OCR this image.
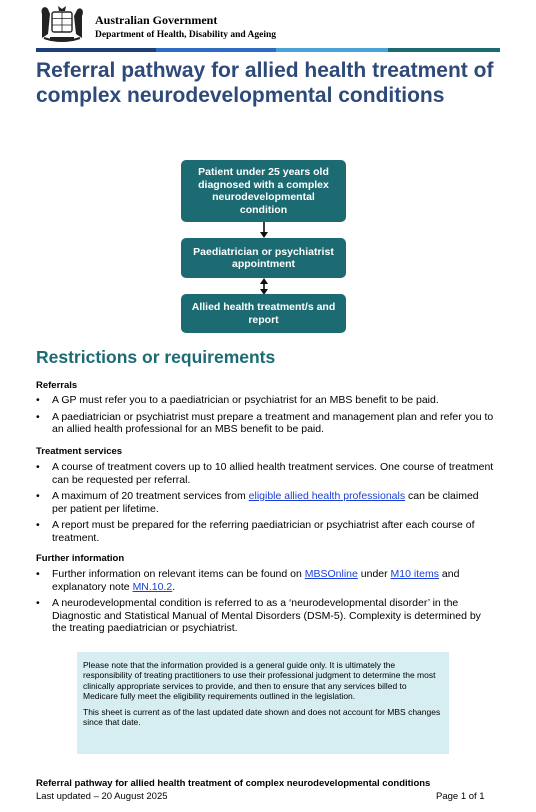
Australian Government
Department of Health, Disability and Ageing
Referral pathway for allied health treatment of complex neurodevelopmental conditions
Patient under 25 years old diagnosed with a complex neurodevelopmental condition
Paediatrician or psychiatrist appointment
Allied health treatment/s and report
Restrictions or requirements
Referrals
• A GP must refer you to a paediatrician or psychiatrist for an MBS benefit to be paid.
• A paediatrician or psychiatrist must prepare a treatment and management plan and refer you to an allied health professional for an MBS benefit to be paid.
Treatment services
• A course of treatment covers up to 10 allied health treatment services. One course of treatment can be requested per referral.
• A maximum of 20 treatment services from eligible allied health professionals can be claimed per patient per lifetime.
• A report must be prepared for the referring paediatrician or psychiatrist after each course of treatment.
Further information
• Further information on relevant items can be found on MBSOnline under M10 items and explanatory note MN.10.2.
• A neurodevelopmental condition is referred to as a ‘neurodevelopmental disorder’ in the Diagnostic and Statistical Manual of Mental Disorders (DSM-5). Complexity is determined by the treating paediatrician or psychiatrist.

Please note that the information provided is a general guide only. It is ultimately the responsibility of treating practitioners to use their professional judgment to determine the most clinically appropriate services to provide, and then to ensure that any services billed to Medicare fully meet the eligibility requirements outlined in the legislation.

This sheet is current as of the last updated date shown and does not account for MBS changes since that date.

Referral pathway for allied health treatment of complex neurodevelopmental conditions
Last updated – 20 August 2025	Page 1 of 1
